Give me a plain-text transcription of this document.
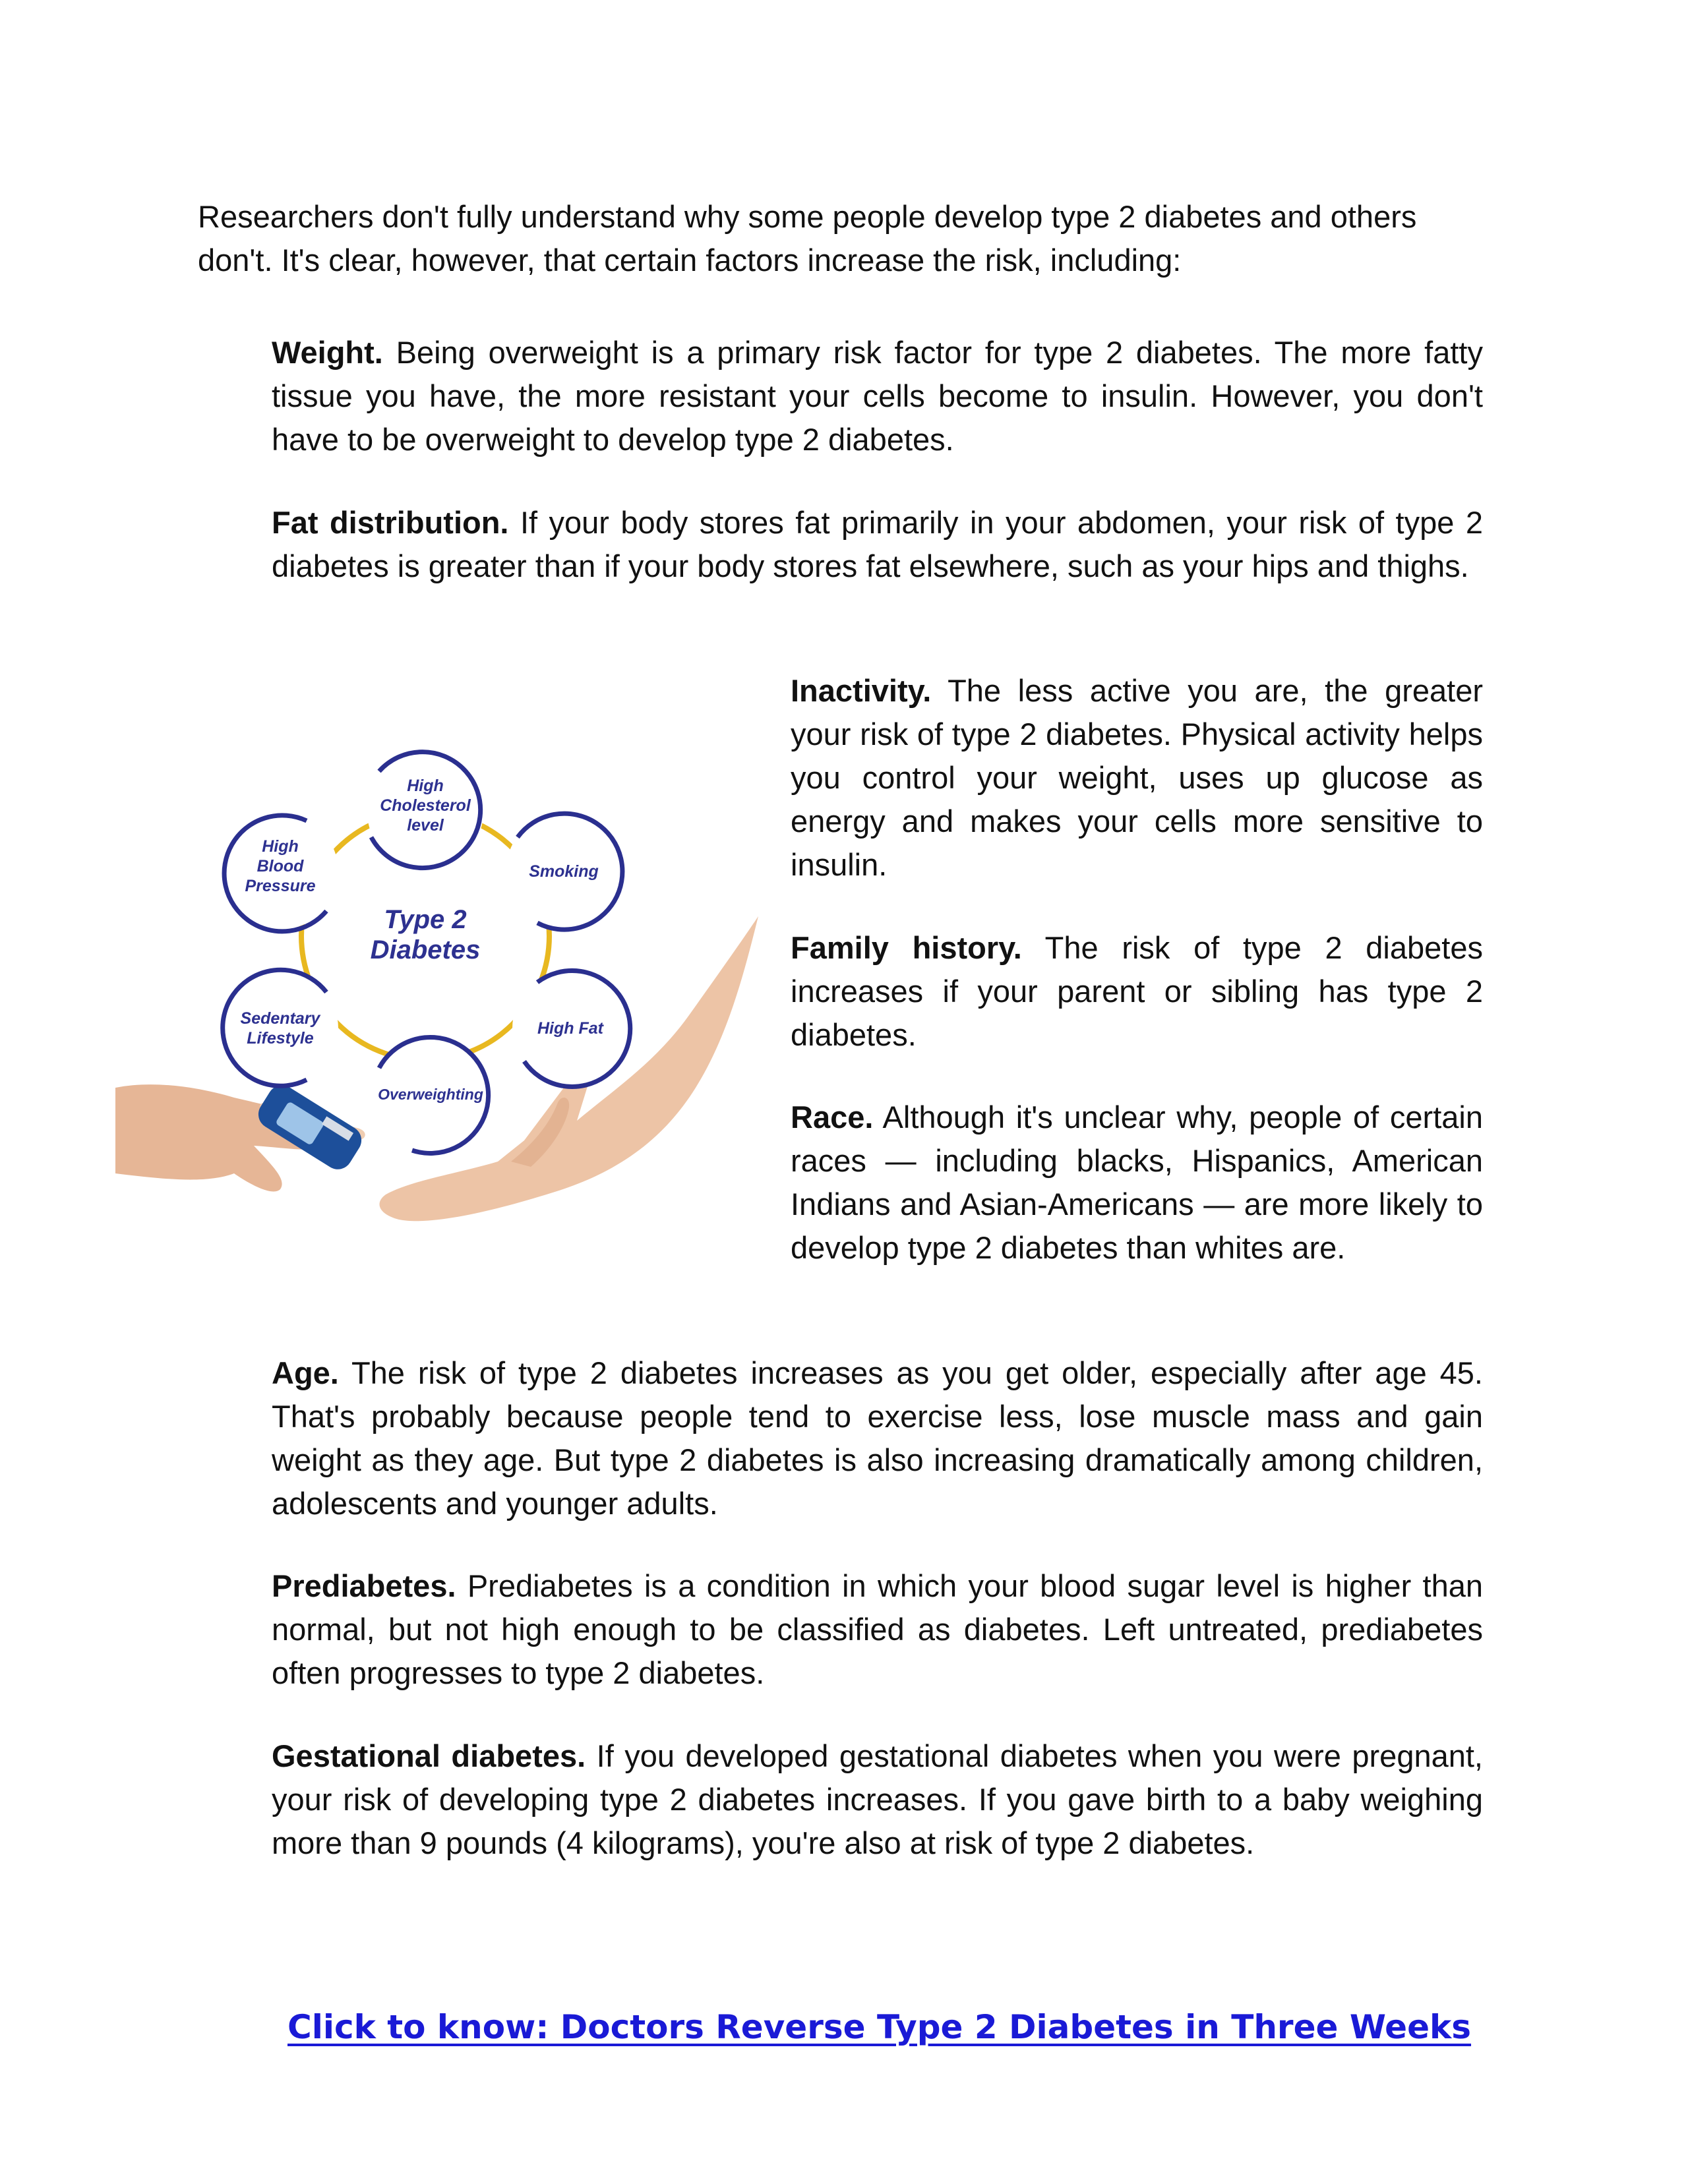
Researchers don't fully understand why some people develop type 2 diabetes and others don't. It's clear, however, that certain factors increase the risk, including:

Weight. Being overweight is a primary risk factor for type 2 diabetes. The more fatty tissue you have, the more resistant your cells become to insulin. However, you don't have to be overweight to develop type 2 diabetes.

Fat distribution. If your body stores fat primarily in your abdomen, your risk of type 2 diabetes is greater than if your body stores fat elsewhere, such as your hips and thighs.

High
Cholesterol
level
High
Blood
Pressure
Smoking
Sedentary
Lifestyle
High Fat
Overweighting
Type 2
Diabetes

Inactivity. The less active you are, the greater your risk of type 2 diabetes. Physical activity helps you control your weight, uses up glucose as energy and makes your cells more sensitive to insulin.

Family history. The risk of type 2 diabetes increases if your parent or sibling has type 2 diabetes.

Race. Although it's unclear why, people of certain races — including blacks, Hispanics, American Indians and Asian-Americans — are more likely to develop type 2 diabetes than whites are.

Age. The risk of type 2 diabetes increases as you get older, especially after age 45. That's probably because people tend to exercise less, lose muscle mass and gain weight as they age. But type 2 diabetes is also increasing dramatically among children, adolescents and younger adults.

Prediabetes. Prediabetes is a condition in which your blood sugar level is higher than normal, but not high enough to be classified as diabetes. Left untreated, prediabetes often progresses to type 2 diabetes.

Gestational diabetes. If you developed gestational diabetes when you were pregnant, your risk of developing type 2 diabetes increases. If you gave birth to a baby weighing more than 9 pounds (4 kilograms), you're also at risk of type 2 diabetes.

Click to know: Doctors Reverse Type 2 Diabetes in Three Weeks
